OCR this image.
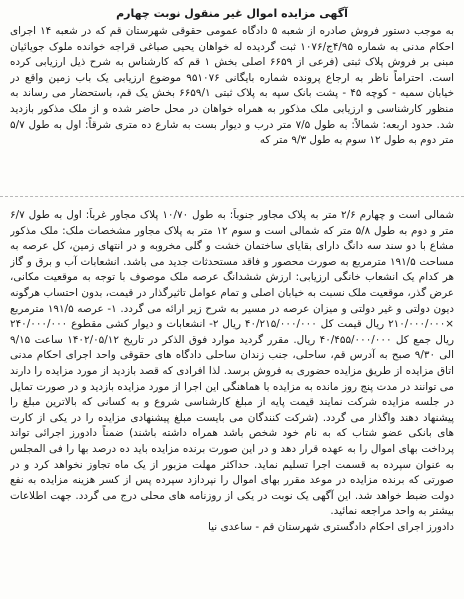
آگهی مزایده اموال غیر منقول نوبت چهارم

به موجب دستور فروش صادره از شعبه ۵ دادگاه عمومی حقوقی شهرستان قم که در شعبه ۱۴ اجرای احکام مدنی به شماره ۴/۹۵ج/۱۰۷۶ ثبت گردیده له خواهان یحیی صباغی قراجه خوانده ملوک جویائیان مبنی بر فروش پلاک ثبتی (فرعی از ۶۶۵۹ اصلی بخش ۱ قم که کارشناس به شرح ذیل ارزیابی کرده است. احتراماً ناظر به ارجاع پرونده شماره بایگانی ۹۵۱۰۷۶ موضوع ارزیابی یک باب زمین واقع در خیابان سمیه - کوچه ۴۵ - پشت بانک سپه به پلاک ثبتی ۶۶۵۹/۱ بخش یک قم، باستحضار می رساند به منظور کارشناسی و ارزیابی ملک مذکور به همراه خواهان در محل حاضر شده و از ملک مذکور بازدید شد. حدود اربعه: شمالاً: به طول ۷/۵ متر درب و دیوار بست به شارع ده متری شرقاً: اول به طول ۵/۷ متر دوم به طول ۱۲ سوم به طول ۹/۳ متر که

شمالی است و چهارم ۲/۶ متر به پلاک مجاور جنوباً: به طول ۱۰/۷۰ پلاک مجاور غرباً: اول به طول ۶/۷ متر و دوم به طول ۵/۸ متر که شمالی است و سوم ۱۲ متر به پلاک مجاور مشخصات ملک: ملک مذکور مشاع با دو سند سه دانگ دارای بقایای ساختمان خشت و گلی مخروبه و در انتهای زمین، کل عرصه به مساحت ۱۹۱/۵ مترمربع به صورت محصور و فاقد مستحدثات جدید می باشد. انشعابات آب و برق و گاز هر کدام یک انشعاب خانگی ارزیابی: ارزش ششدانگ عرصه ملک موصوف با توجه به موقعیت مکانی، عرض گذر، موقعیت ملک نسبت به خیابان اصلی و تمام عوامل تاثیرگذار در قیمت، بدون احتساب هرگونه دیون دولتی و غیر دولتی و میزان عرصه در مسیر به شرح زیر ارائه می گردد. ۱- عرصه ۱۹۱/۵ مترمربع ×۲۱۰/۰۰۰/۰۰۰ ریال قیمت کل ۴۰/۲۱۵/۰۰۰/۰۰۰ ریال ۲- انشعابات و دیوار کشی مقطوع ۲۴۰/۰۰۰/۰۰۰ ریال جمع کل ۴۰/۴۵۵/۰۰۰/۰۰۰ ریال. مقرر گردید موارد فوق الذکر در تاریخ ۱۴۰۲/۰۵/۱۲ ساعت ۹/۱۵ الی ۹/۳۰ صبح به آدرس قم، ساحلی، جنب زندان ساحلی دادگاه های حقوقی واحد اجرای احکام مدنی اتاق مزایده از طریق مزایده حضوری به فروش برسد. لذا افرادی که قصد بازدید از مورد مزایده را دارند می توانند در مدت پنج روز مانده به مزایده با هماهنگی این اجرا از مورد مزایده بازدید و در صورت تمایل در جلسه مزایده شرکت نمایند قیمت پایه از مبلغ کارشناسی شروع و به کسانی که بالاترین مبلغ را پیشنهاد دهند واگذار می گردد. (شرکت کنندگان می بایست مبلغ پیشنهادی مزایده را در یکی از کارت های بانکی عضو شتاب که به نام خود شخص باشد همراه داشته باشند) ضمناً دادورز اجرائی تواند پرداخت بهای اموال را به عهده قرار دهد و در این صورت برنده مزایده باید ده درصد بها را فی المجلس به عنوان سپرده به قسمت اجرا تسلیم نماید. حداکثر مهلت مزبور از یک ماه تجاوز نخواهد کرد و در صورتی که برنده مزایده در موعد مقرر بهای اموال را نپردازد سپرده پس از کسر هزینه مزایده به نفع دولت ضبط خواهد شد. این آگهی یک نوبت در یکی از روزنامه های محلی درج می گردد. جهت اطلاعات بیشتر به واحد مراجعه نمائید.

دادورز اجرای احکام دادگستری شهرستان قم - ساعدی نیا
